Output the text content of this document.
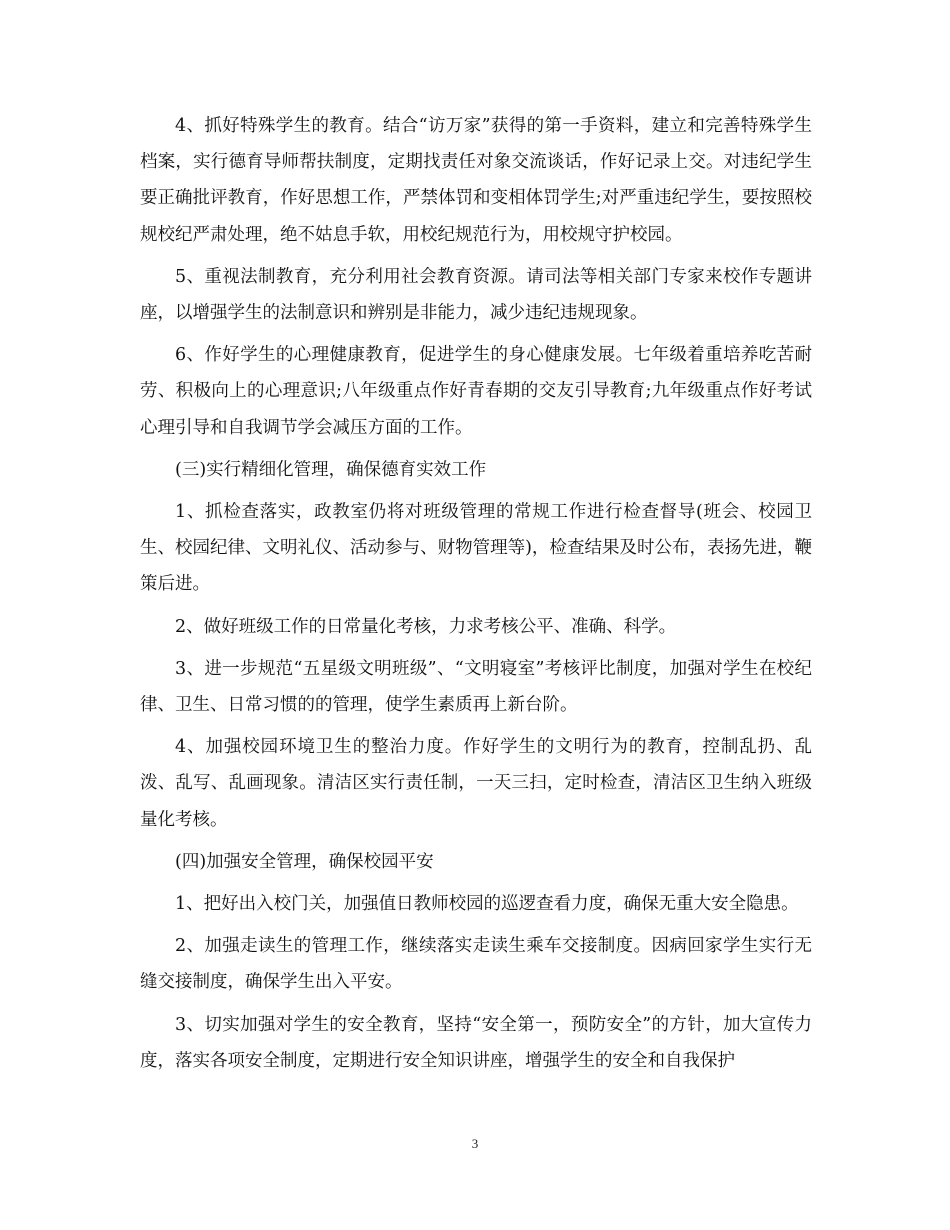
4、抓好特殊学生的教育。结合“访万家”获得的第一手资料，建立和完善特殊学生档案，实行德育导师帮扶制度，定期找责任对象交流谈话，作好记录上交。对违纪学生要正确批评教育，作好思想工作，严禁体罚和变相体罚学生;对严重违纪学生，要按照校规校纪严肃处理，绝不姑息手软，用校纪规范行为，用校规守护校园。

5、重视法制教育，充分利用社会教育资源。请司法等相关部门专家来校作专题讲座，以增强学生的法制意识和辨别是非能力，减少违纪违规现象。

6、作好学生的心理健康教育，促进学生的身心健康发展。七年级着重培养吃苦耐劳、积极向上的心理意识;八年级重点作好青春期的交友引导教育;九年级重点作好考试心理引导和自我调节学会减压方面的工作。

(三)实行精细化管理，确保德育实效工作

1、抓检查落实，政教室仍将对班级管理的常规工作进行检查督导(班会、校园卫生、校园纪律、文明礼仪、活动参与、财物管理等)，检查结果及时公布，表扬先进，鞭策后进。

2、做好班级工作的日常量化考核，力求考核公平、准确、科学。

3、进一步规范“五星级文明班级”、“文明寝室”考核评比制度，加强对学生在校纪律、卫生、日常习惯的的管理，使学生素质再上新台阶。

4、加强校园环境卫生的整治力度。作好学生的文明行为的教育，控制乱扔、乱泼、乱写、乱画现象。清洁区实行责任制，一天三扫，定时检查，清洁区卫生纳入班级量化考核。

(四)加强安全管理，确保校园平安

1、把好出入校门关，加强值日教师校园的巡逻查看力度，确保无重大安全隐患。

2、加强走读生的管理工作，继续落实走读生乘车交接制度。因病回家学生实行无缝交接制度，确保学生出入平安。

3、切实加强对学生的安全教育，坚持“安全第一，预防安全”的方针，加大宣传力度，落实各项安全制度，定期进行安全知识讲座，增强学生的安全和自我保护

3
